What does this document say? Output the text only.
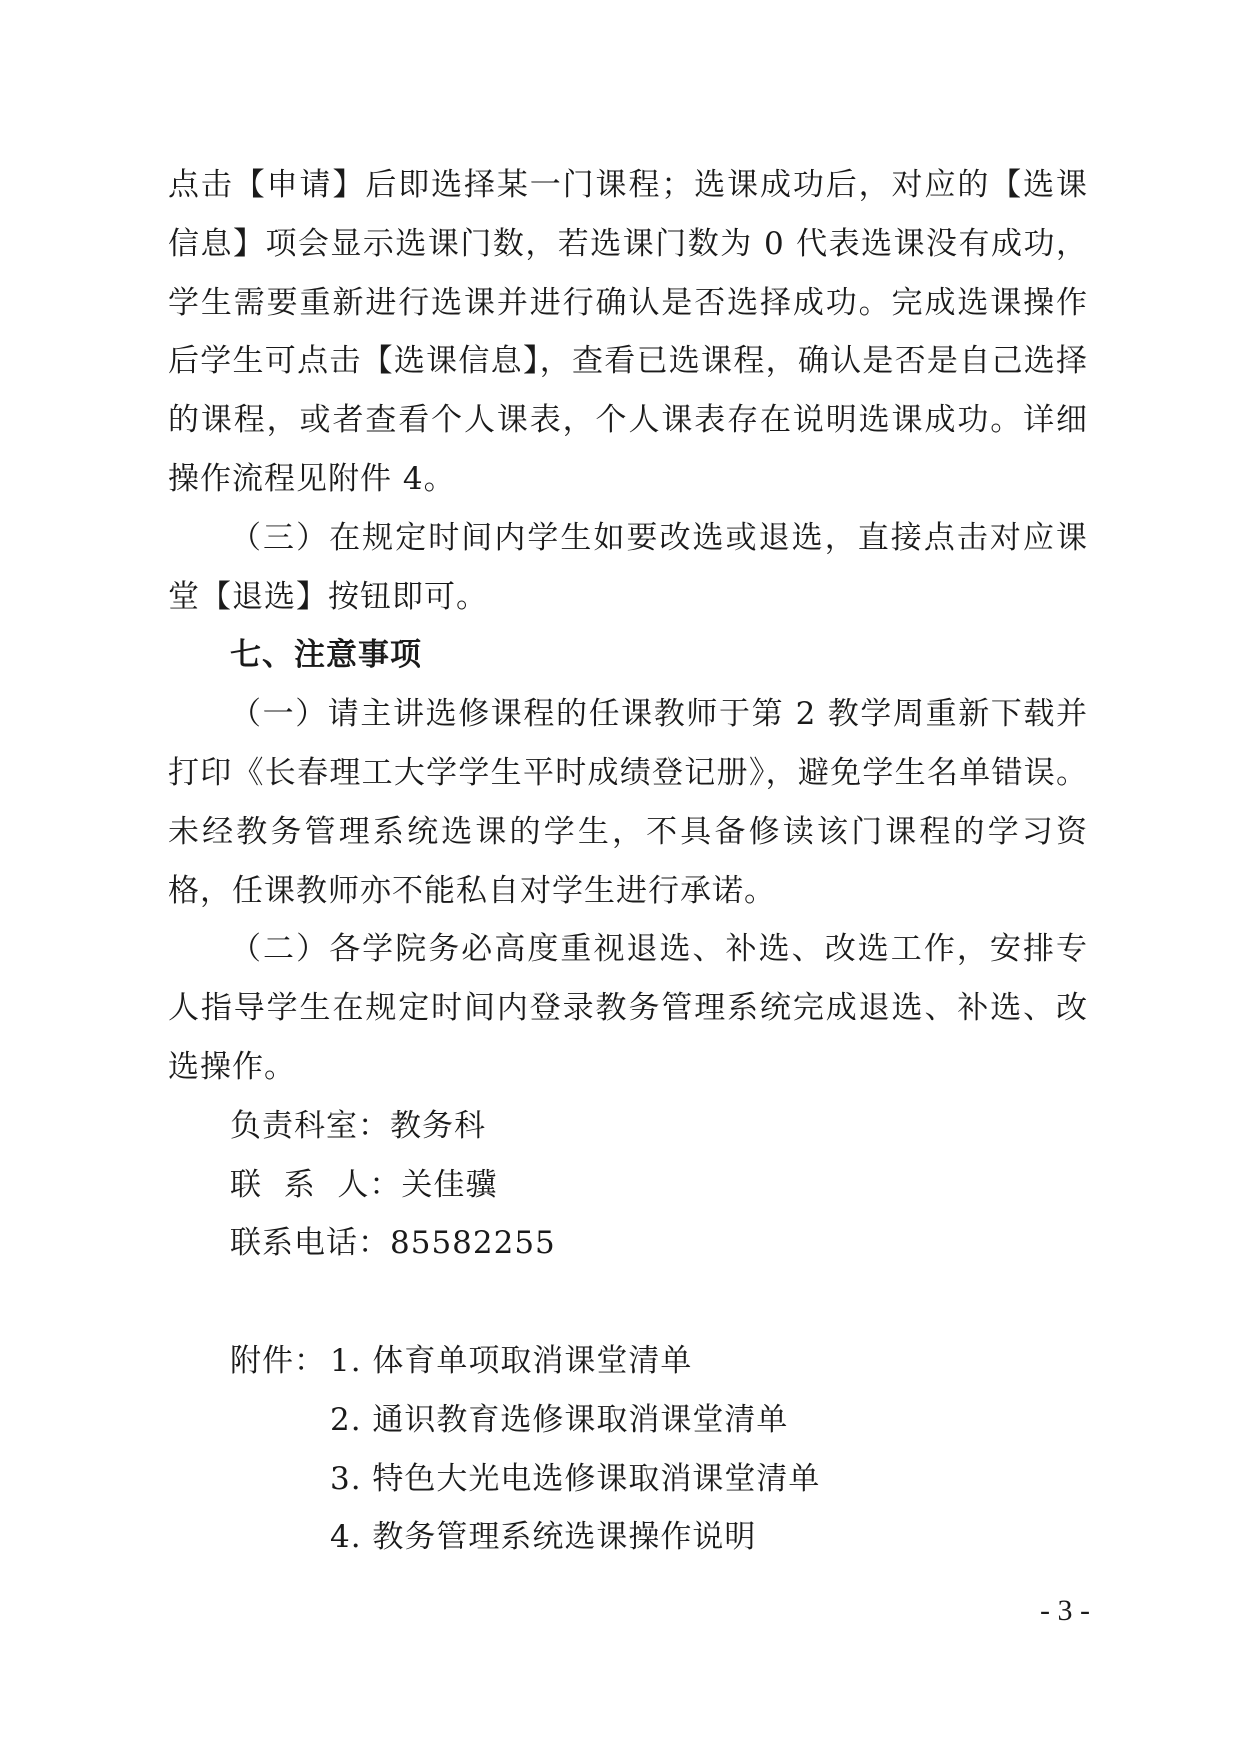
点击【申请】后即选择某一门课程；选课成功后，对应的【选课信息】项会显示选课门数，若选课门数为 0 代表选课没有成功，学生需要重新进行选课并进行确认是否选择成功。完成选课操作后学生可点击【选课信息】，查看已选课程，确认是否是自己选择的课程，或者查看个人课表，个人课表存在说明选课成功。详细操作流程见附件 4。

（三）在规定时间内学生如要改选或退选，直接点击对应课堂【退选】按钮即可。

七、注意事项

（一）请主讲选修课程的任课教师于第 2 教学周重新下载并打印《长春理工大学学生平时成绩登记册》，避免学生名单错误。未经教务管理系统选课的学生，不具备修读该门课程的学习资格，任课教师亦不能私自对学生进行承诺。

（二）各学院务必高度重视退选、补选、改选工作，安排专人指导学生在规定时间内登录教务管理系统完成退选、补选、改选操作。

负责科室：教务科

联  系  人：关佳骥

联系电话：85582255

附件： 1. 体育单项取消课堂清单
2. 通识教育选修课取消课堂清单
3. 特色大光电选修课取消课堂清单
4. 教务管理系统选课操作说明
- 3 -
